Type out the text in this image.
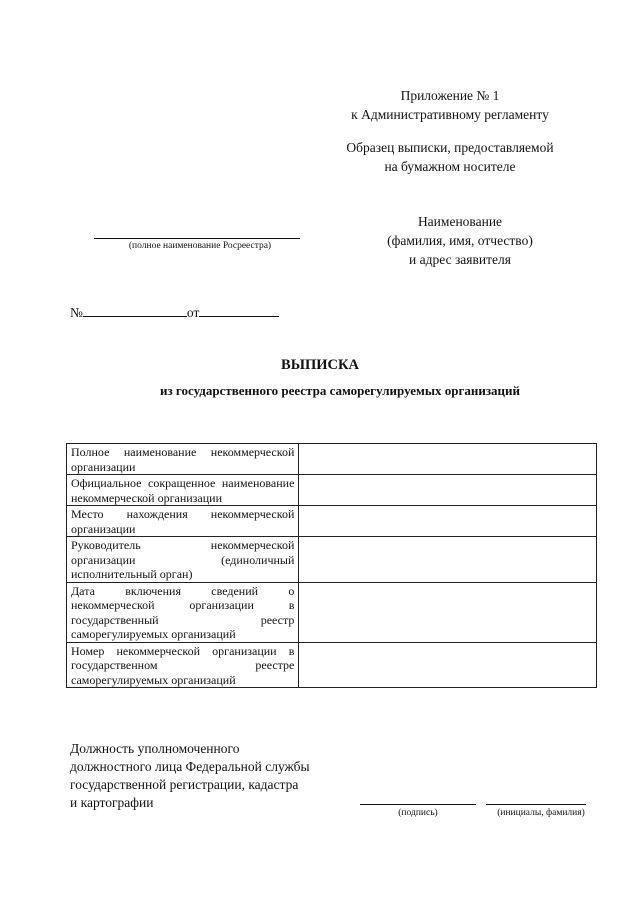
Приложение № 1
к Административному регламенту
Образец выписки, предоставляемой
на бумажном носителе
Наименование
(фамилия, имя, отчество)
и адрес заявителя
(полное наименование Росреестра)
№	от
ВЫПИСКА
из государственного реестра саморегулируемых организаций
Полное наименование некоммерческой организации	
Официальное сокращенное наименование некоммерческой организации	
Место нахождения некоммерческой организации	
Руководитель некоммерческой организации (единоличный исполнительный орган)	
Дата включения сведений о некоммерческой организации в государственный реестр саморегулируемых организаций	
Номер некоммерческой организации в государственном реестре саморегулируемых организаций	
Должность уполномоченного
должностного лица Федеральной службы
государственной регистрации, кадастра
и картографии
(подпись)	(инициалы, фамилия)
